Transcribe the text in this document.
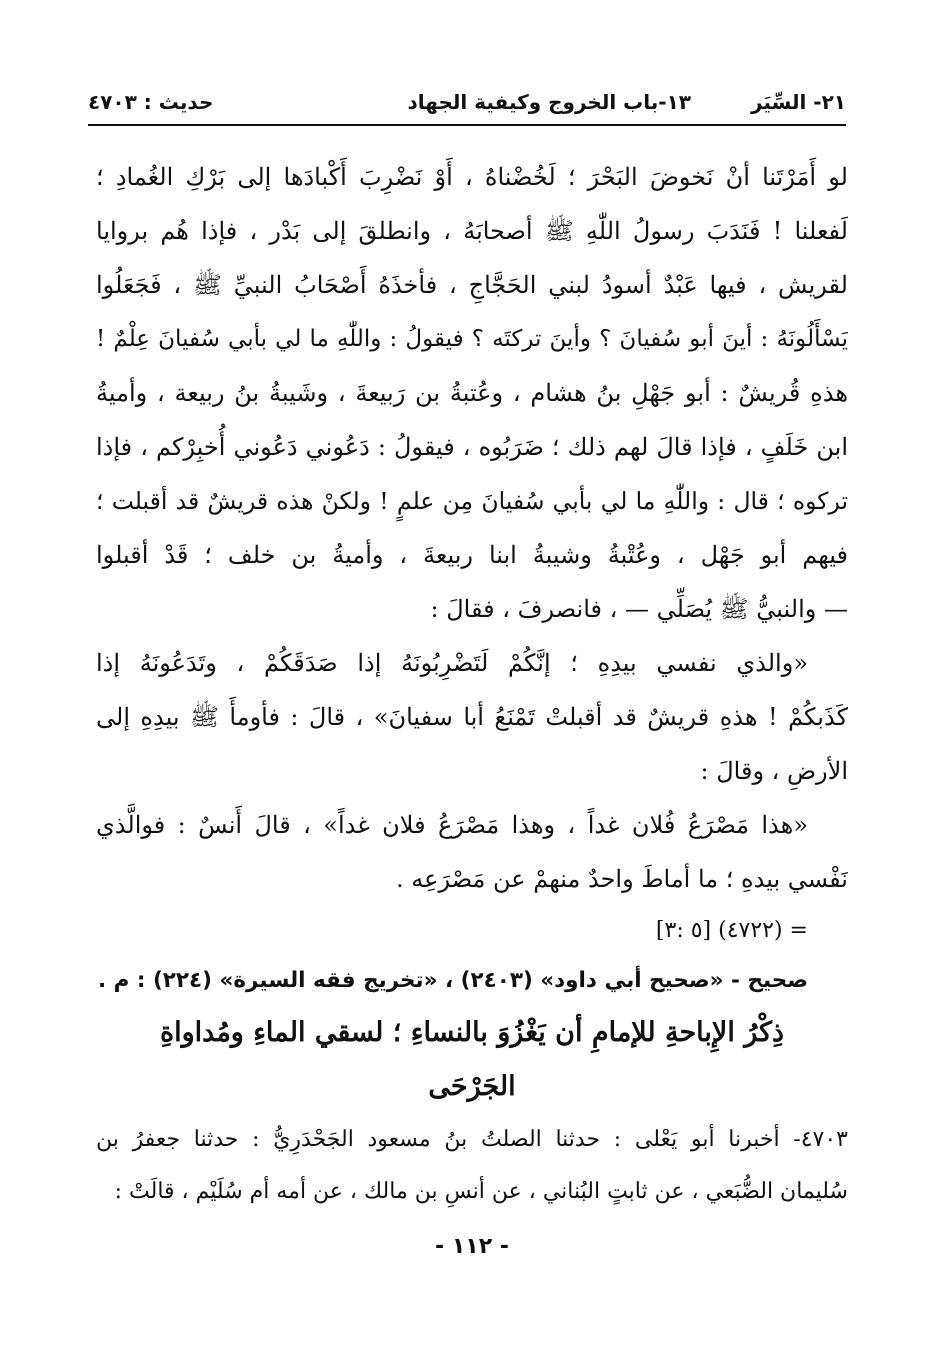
٢١- السِّيَر
١٣-باب الخروج وكيفية الجهاد
حديث : ٤٧٠٣
لو أَمَرْتَنا أنْ نَخوضَ البَحْرَ ؛ لَخُضْناهُ ، أَوْ نَضْرِبَ أَكْبادَها إلى بَرْكِ الغُمادِ ؛
لَفعلنا ! فَنَدَبَ رسولُ اللّٰهِ ﷺ أصحابَهُ ، وانطلقَ إلى بَدْر ، فإذا هُم بروايا
لقريش ، فيها عَبْدٌ أسودُ لبني الحَجَّاجِ ، فأخذَهُ أَصْحَابُ النبيِّ ﷺ ، فَجَعَلُوا
يَسْأَلُونَهُ : أينَ أبو سُفيانَ ؟ وأينَ تركتَه ؟ فيقولُ : واللّٰهِ ما لي بأبي سُفيانَ عِلْمٌ !
هذهِ قُريشٌ : أبو جَهْلِ بنُ هشام ، وعُتبةُ بن رَبيعةَ ، وشَيبةُ بنُ ربيعة ، وأميةُ
ابن خَلَفٍ ، فإذا قالَ لهم ذلك ؛ ضَرَبُوه ، فيقولُ : دَعُوني دَعُوني أُخبِرْكم ، فإذا
تركوه ؛ قال : واللّٰهِ ما لي بأبي سُفيانَ مِن علمٍ ! ولكنْ هذه قريشٌ قد أقبلت ؛
فيهم أبو جَهْل ، وعُتْبةُ وشيبةُ ابنا ربيعةَ ، وأميةُ بن خلف ؛ قَدْ أقبلوا
— والنبيُّ ﷺ يُصَلِّي — ، فانصرفَ ، فقالَ :
«والذي نفسي بيدِهِ ؛ إنَّكُمْ لَتَضْرِبُونَهُ إذا صَدَقَكُمْ ، وتَدَعُونَهُ إذا
كَذَبكُمْ ! هذهِ قريشٌ قد أقبلتْ تَمْنَعُ أبا سفيانَ» ، قالَ : فأومأَ ﷺ بيدِهِ إلى
الأرضِ ، وقالَ :
«هذا مَصْرَعُ فُلان غداً ، وهذا مَصْرَعُ فلان غداً» ، قالَ أَنسٌ : فوالَّذي
نَفْسي بيدهِ ؛ ما أماطَ واحدٌ منهمْ عن مَصْرَعِه .
= (٤٧٢٢) [٥ :٣]
صحيح - «صحيح أبي داود» (٢٤٠٣) ، «تخريج فقه السيرة» (٢٢٤) : م .
ذِكْرُ الإِباحةِ للإمامِ أن يَغْزُوَ بالنساءِ ؛ لسقي الماءِ ومُداواةِ
الجَرْحَى
٤٧٠٣- أخبرنا أبو يَعْلى : حدثنا الصلتُ بنُ مسعود الجَحْدَرِيُّ : حدثنا جعفرُ بن
سُليمان الضُّبَعي ، عن ثابتٍ البُناني ، عن أنسِ بن مالك ، عن أمه أم سُلَيْم ، قالَتْ :
- ١١٢ -
